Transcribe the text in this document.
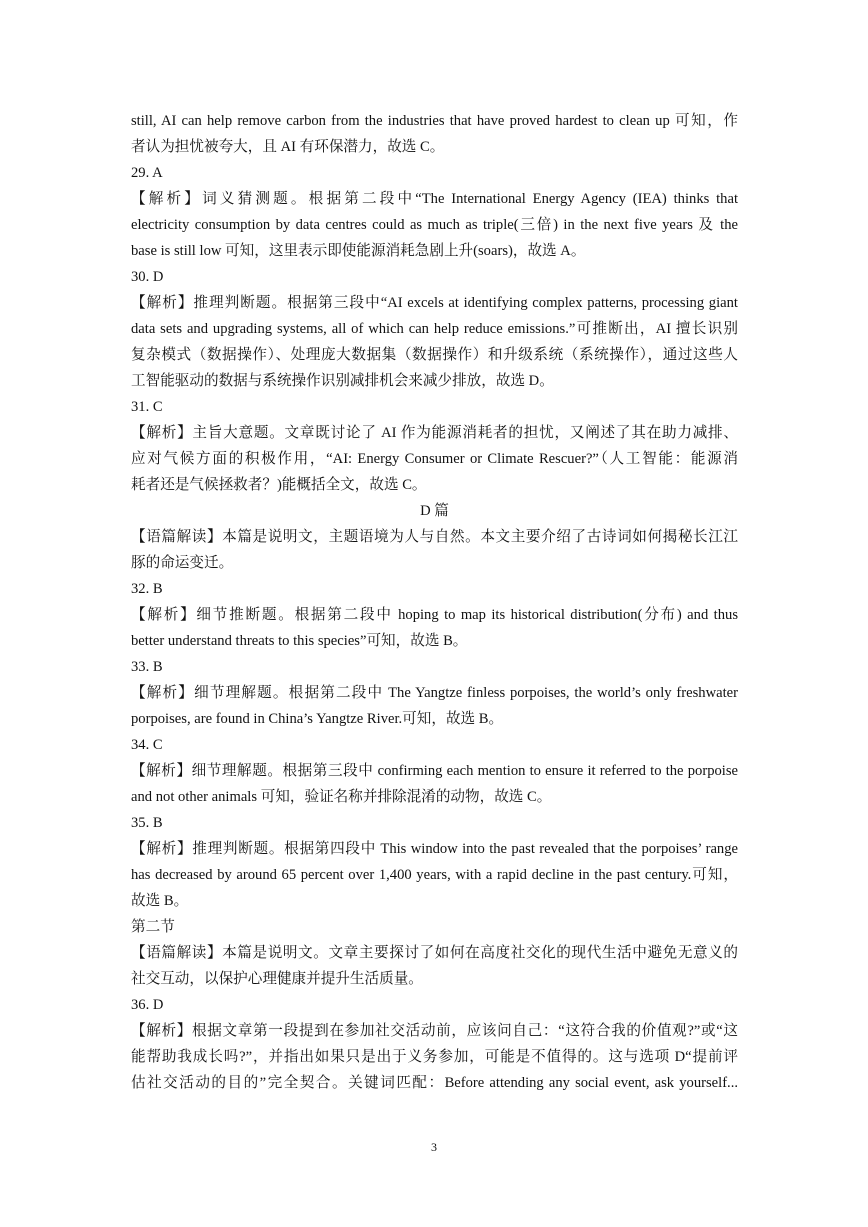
still, AI can help remove carbon from the industries that have proved hardest to clean up 可知，作
者认为担忧被夸大，且 AI 有环保潜力，故选 C。
29. A
【解析】词义猜测题。根据第二段中“The International Energy Agency (IEA) thinks that
electricity consumption by data centres could as much as triple(三倍) in the next five years 及 the
base is still low 可知，这里表示即使能源消耗急剧上升(soars)，故选 A。
30. D
【解析】推理判断题。根据第三段中“AI excels at identifying complex patterns, processing giant
data sets and upgrading systems, all of which can help reduce emissions.”可推断出，AI 擅长识别
复杂模式（数据操作）、处理庞大数据集（数据操作）和升级系统（系统操作），通过这些人
工智能驱动的数据与系统操作识别减排机会来减少排放，故选 D。
31. C
【解析】主旨大意题。文章既讨论了 AI 作为能源消耗者的担忧，又阐述了其在助力减排、
应对气候方面的积极作用，“AI: Energy Consumer or Climate Rescuer?”（人工智能：能源消
耗者还是气候拯救者？)能概括全文，故选 C。
D 篇
【语篇解读】本篇是说明文，主题语境为人与自然。本文主要介绍了古诗词如何揭秘长江江
豚的命运变迁。
32. B
【解析】细节推断题。根据第二段中 hoping to map its historical distribution(分布) and thus
better understand threats to this species”可知，故选 B。
33. B
【解析】细节理解题。根据第二段中 The Yangtze finless porpoises, the world’s only freshwater
porpoises, are found in China’s Yangtze River.可知，故选 B。
34. C
【解析】细节理解题。根据第三段中 confirming each mention to ensure it referred to the porpoise
and not other animals 可知，验证名称并排除混淆的动物，故选 C。
35. B
【解析】推理判断题。根据第四段中 This window into the past revealed that the porpoises’ range
has decreased by around 65 percent over 1,400 years, with a rapid decline in the past century.可知，
故选 B。
第二节
【语篇解读】本篇是说明文。文章主要探讨了如何在高度社交化的现代生活中避免无意义的
社交互动，以保护心理健康并提升生活质量。
36. D
【解析】根据文章第一段提到在参加社交活动前，应该问自己：“这符合我的价值观?”或“这
能帮助我成长吗?”，并指出如果只是出于义务参加，可能是不值得的。这与选项 D“提前评
估社交活动的目的”完全契合。关键词匹配：Before attending any social event, ask yourself...
3
